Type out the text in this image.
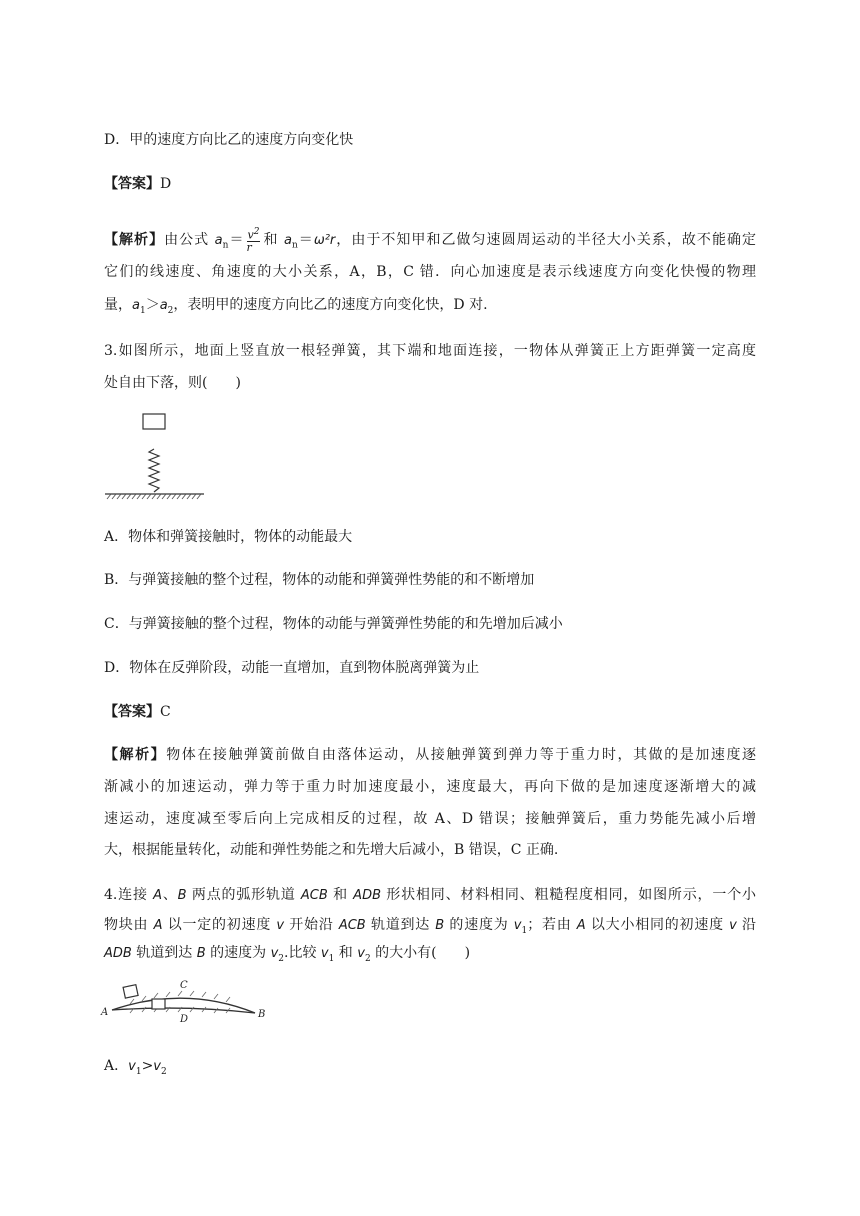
D．甲的速度方向比乙的速度方向变化快
【答案】D
【解析】由公式 $a_n= \frac{v^2}{r}$ 和 $a_n=\omega^2r$，由于不知甲和乙做匀速圆周运动的半径大小关系，故不能确定
它们的线速度、角速度的大小关系，A，B，C 错．向心加速度是表示线速度方向变化快慢的物理
量，$a_1>a_2$，表明甲的速度方向比乙的速度方向变化快，D 对.
3.如图所示，地面上竖直放一根轻弹簧，其下端和地面连接，一物体从弹簧正上方距弹簧一定高度
处自由下落，则(　　)
A．物体和弹簧接触时，物体的动能最大
B．与弹簧接触的整个过程，物体的动能和弹簧弹性势能的和不断增加
C．与弹簧接触的整个过程，物体的动能与弹簧弹性势能的和先增加后减小
D．物体在反弹阶段，动能一直增加，直到物体脱离弹簧为止
【答案】C
【解析】物体在接触弹簧前做自由落体运动，从接触弹簧到弹力等于重力时，其做的是加速度逐
渐减小的加速运动，弹力等于重力时加速度最小，速度最大，再向下做的是加速度逐渐增大的减
速运动，速度减至零后向上完成相反的过程，故 A、D 错误；接触弹簧后，重力势能先减小后增
大，根据能量转化，动能和弹性势能之和先增大后减小，B 错误，C 正确.
4.连接 A、B 两点的弧形轨道 ACB 和 ADB 形状相同、材料相同、粗糙程度相同，如图所示，一个小
物块由 A 以一定的初速度 v 开始沿 ACB 轨道到达 B 的速度为 $v_1$；若由 A 以大小相同的初速度 v 沿
ADB 轨道到达 B 的速度为 $v_2$.比较 $v_1$ 和 $v_2$ 的大小有(　　)
A	B
C
D
A．$v_1>v_2$
